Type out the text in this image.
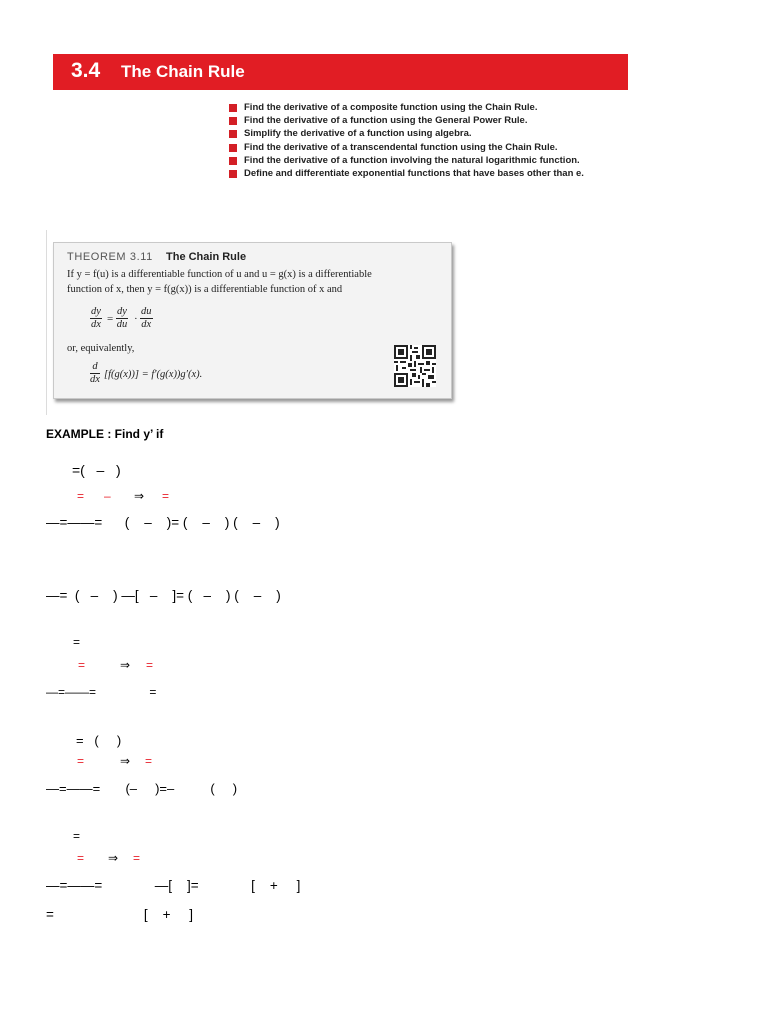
3.4 The Chain Rule
Find the derivative of a composite function using the Chain Rule.
Find the derivative of a function using the General Power Rule.
Simplify the derivative of a function using algebra.
Find the derivative of a transcendental function using the Chain Rule.
Find the derivative of a function involving the natural logarithmic function.
Define and differentiate exponential functions that have bases other than e.
THEOREM 3.11 The Chain Rule
If y = f(u) is a differentiable function of u and u = g(x) is a differentiable
function of x, then y = f(g(x)) is a differentiable function of x and
$\frac{dy}{dx} = \frac{dy}{du} \cdot \frac{du}{dx}$
or, equivalently,
$\frac{d}{dx} [f(g(x))] = f'(g(x))g'(x)$.
EXAMPLE : Find y’ if
=(   –   )
= – ⇒ =
—=——=      (    –    )= (    –    ) (    –    )
—=  (   –    ) —[   –    ]= (   –    ) (    –    )
=
=	⇒ =
—=——=                =
=   (     )
=	⇒ =
—=——=       (–     )=–          (     )
=
= ⇒ =
—=——=              —[    ]=              [    +     ]
=                        [    +     ]
